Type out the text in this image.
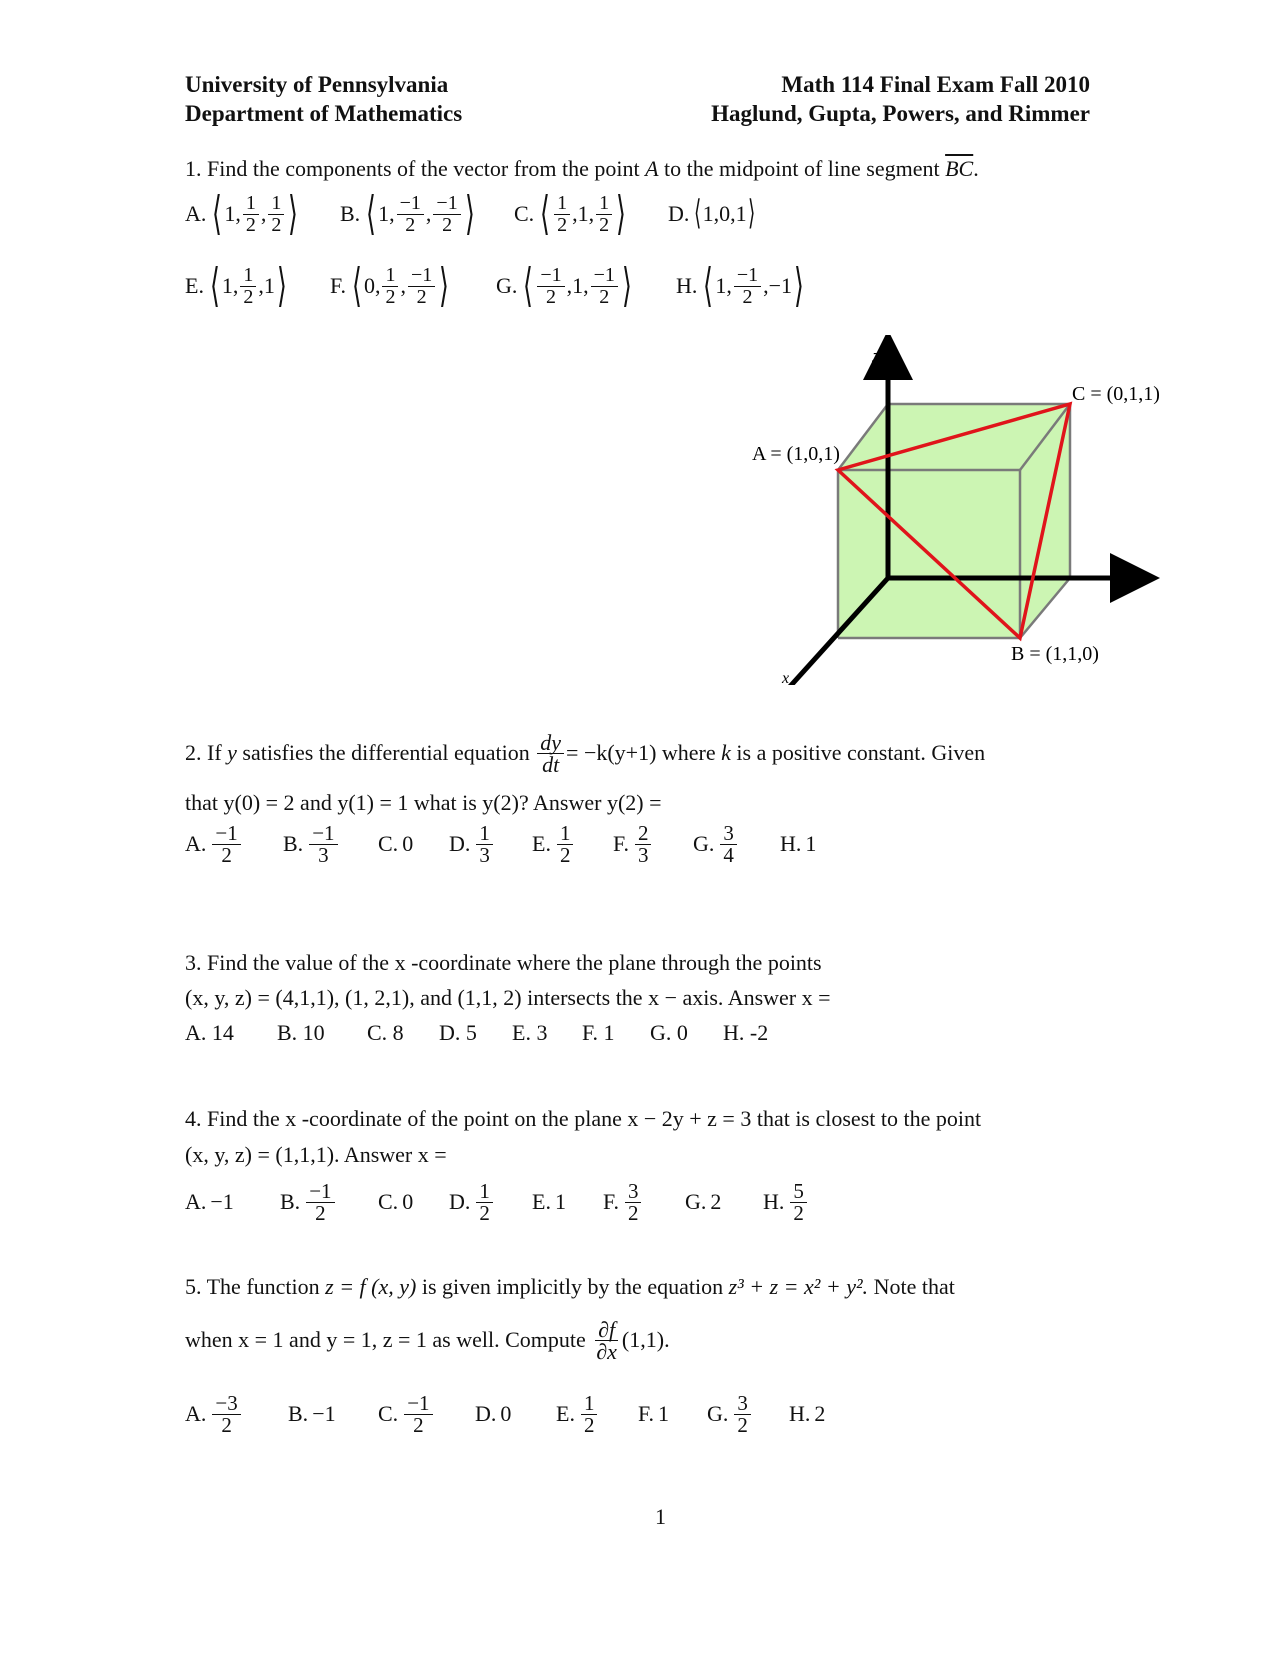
University of Pennsylvania
Department of Mathematics
Math 114 Final Exam Fall 2010
Haglund, Gupta, Powers, and Rimmer
1. Find the components of the vector from the point A to the midpoint of line segment $\overline{BC}$.
A. ⟨ 1 , $\frac{1}{2}$ , $\frac{1}{2}$ ⟩ B. ⟨ 1 , $\frac{-1}{2}$ , $\frac{-1}{2}$ ⟩ C. ⟨ $\frac{1}{2}$ , 1 , $\frac{1}{2}$ ⟩ D. ⟨ 1,0,1 ⟩
E. ⟨ 1 , $\frac{1}{2}$ , 1 ⟩ F. ⟨ 0 , $\frac{1}{2}$ , $\frac{-1}{2}$ ⟩ G. ⟨ $\frac{-1}{2}$ , 1 , $\frac{-1}{2}$ ⟩ H. ⟨ 1 , $\frac{-1}{2}$ , −1 ⟩
z
y
x
A = (1,0,1)
B = (1,1,0)
C = (0,1,1)
2.
If
y
satisfies the differential equation
$\frac{dy}{dt} = -k(y+1)$
where
k
is a positive constant. Given
that y(0) = 2 and y(1) = 1 what is y(2)? Answer y(2) =
A. $\frac{-1}{2} B$. $\frac{-1}{3} C$. 0 D. $\frac{1}{3} E$. $\frac{1}{2} F$. $\frac{2}{3} G$. $\frac{3}{4} H$. 1
3. Find the value of the x -coordinate where the plane through the points
(x, y, z) = (4,1,1), (1, 2,1), and (1,1, 2) intersects the x − axis. Answer x =
A. 14	B. 10	C. 8	D. 5	E. 3	F. 1	G. 0	H. -2
4. Find the x -coordinate of the point on the plane x − 2y + z = 3 that is closest to the point
(x, y, z) = (1,1,1). Answer x =
A. −1 B. $\frac{-1}{2} C$. 0 D. $\frac{1}{2} E$. 1 F. $\frac{3}{2} G$. 2 H. $\frac{5}{2}$
5. The function z = f (x, y) is given implicitly by the equation z³ + z = x² + y². Note that
when x = 1 and y = 1, z = 1 as well. Compute
$\frac{\partial f}{\partial x} (1,1)$.
A. $\frac{-3}{2} B$. −1 C. $\frac{-1}{2} D$. 0 E. $\frac{1}{2} F$. 1 G. $\frac{3}{2} H$. 2
1
